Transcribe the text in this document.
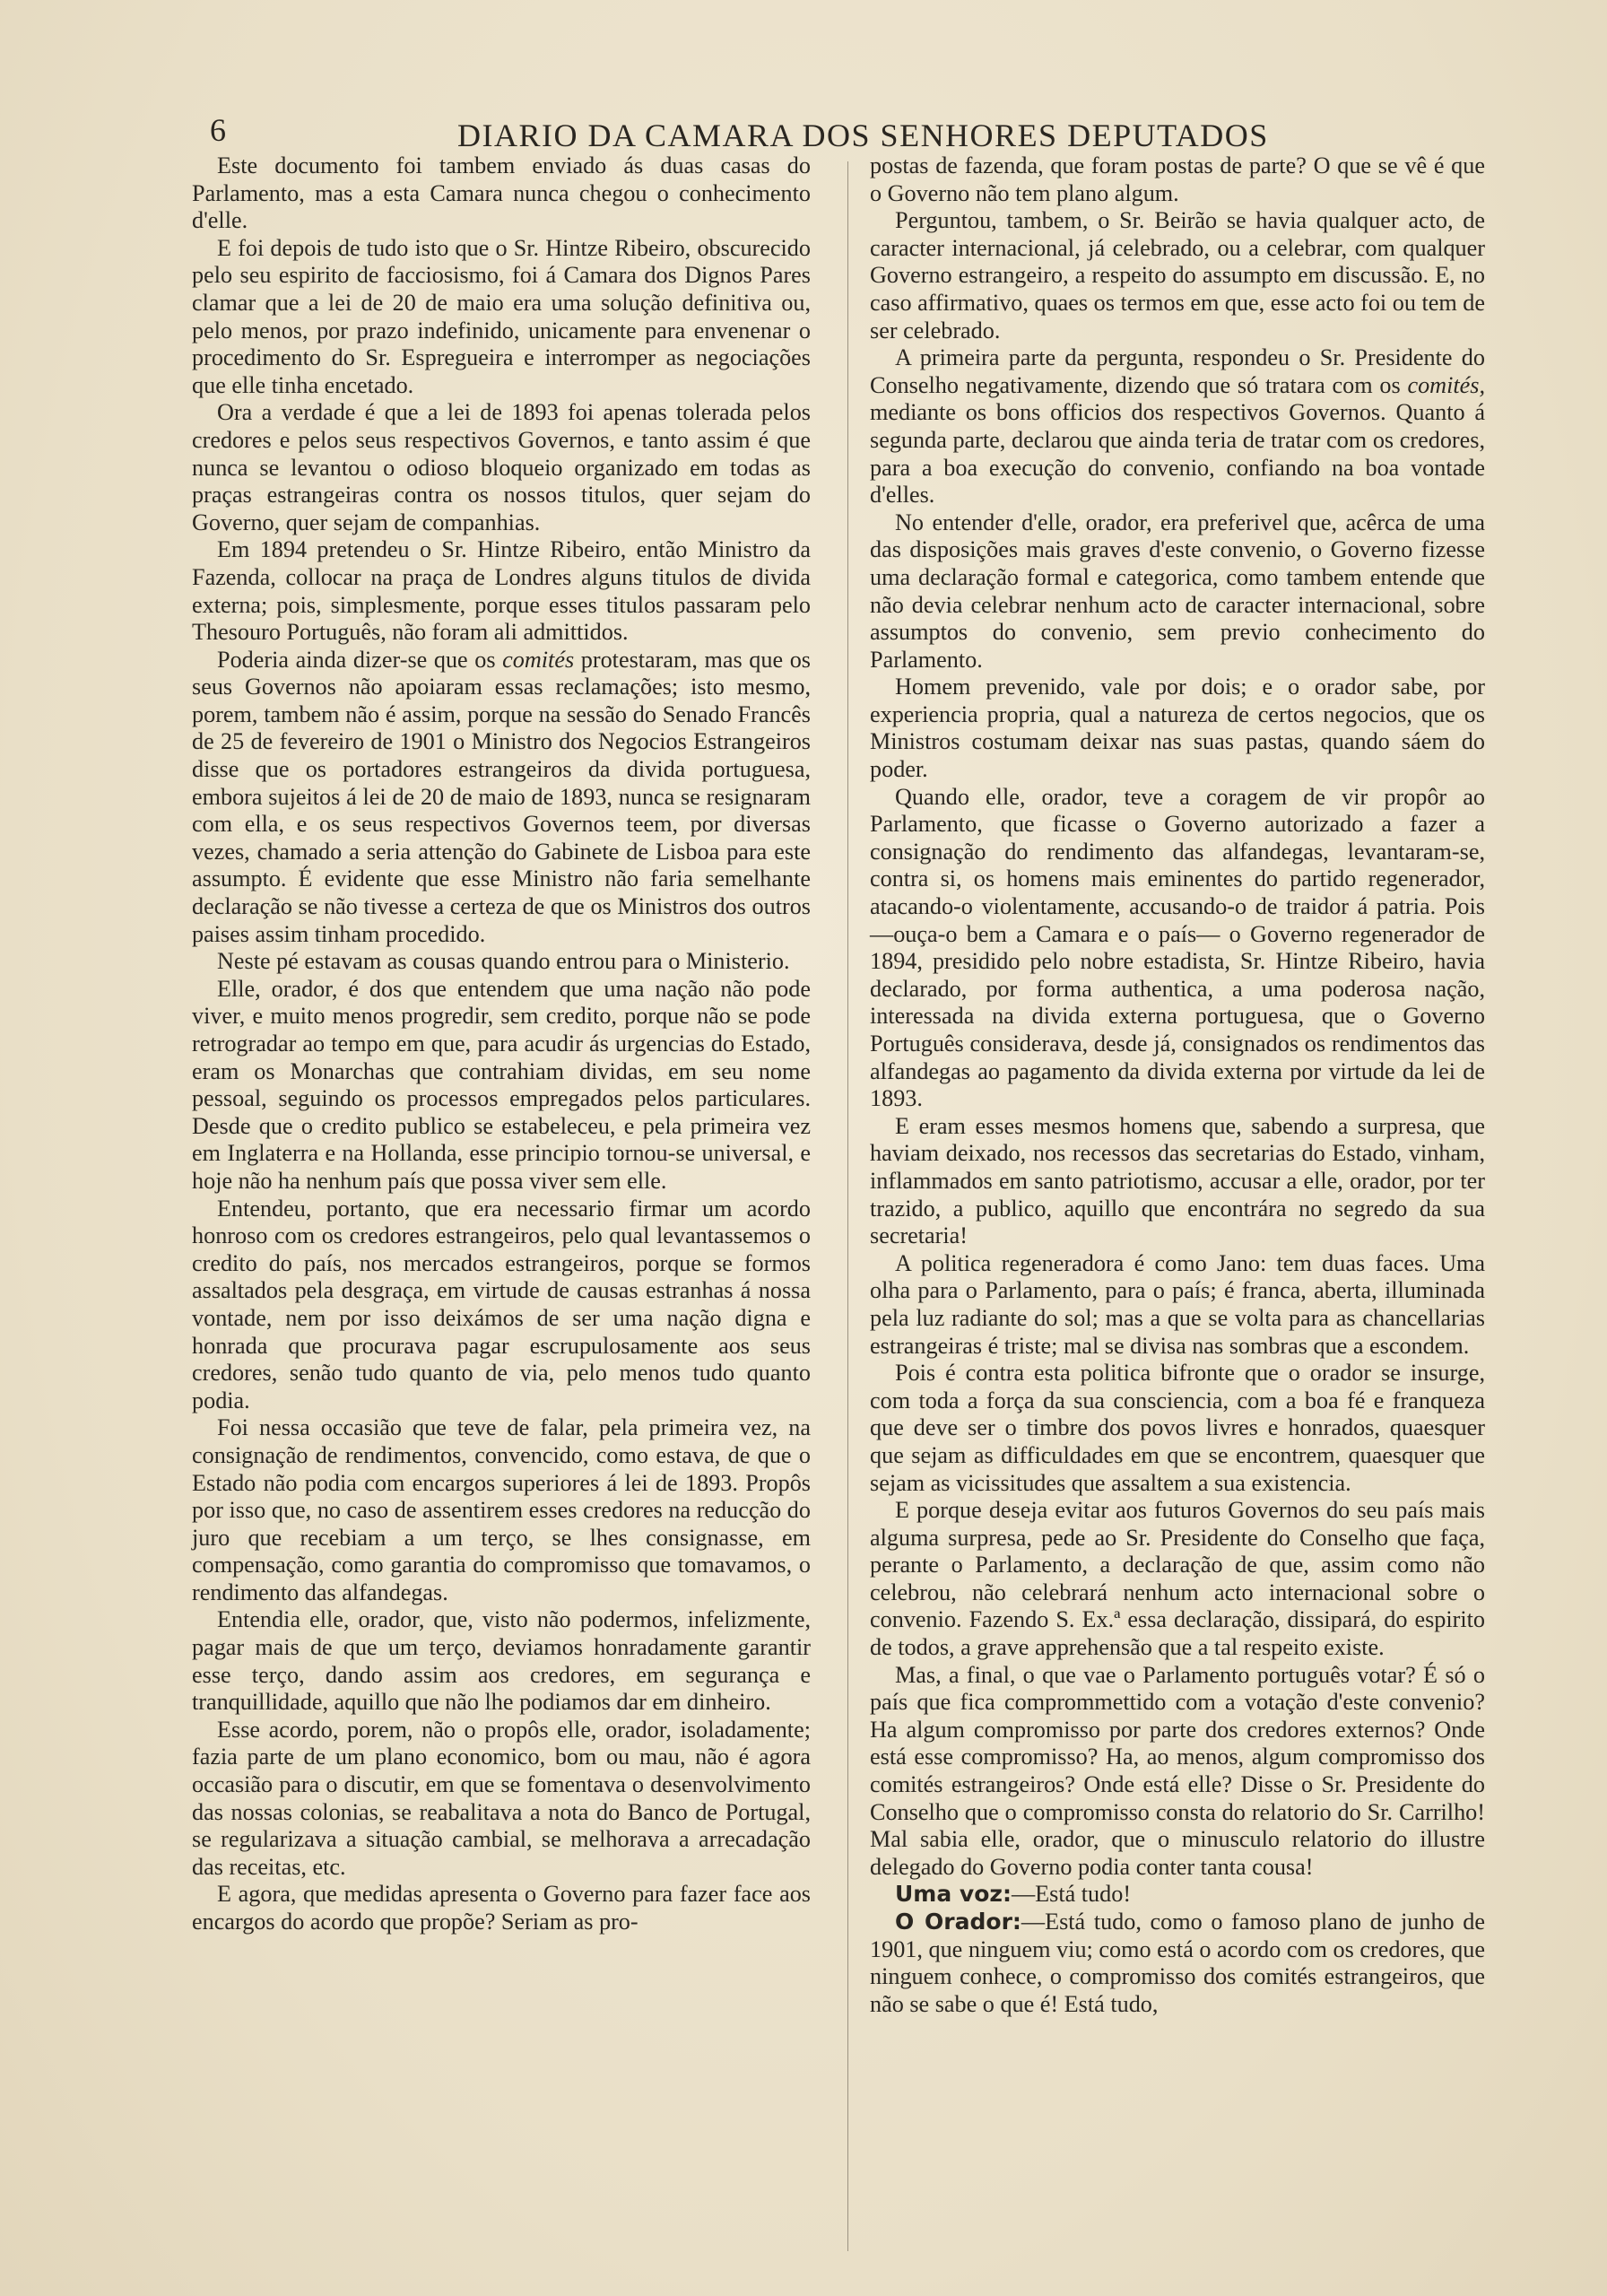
6	DIARIO DA CAMARA DOS SENHORES DEPUTADOS

Este documento foi tambem enviado ás duas casas do Parlamento, mas a esta Camara nunca chegou o conhecimento d'elle.

E foi depois de tudo isto que o Sr. Hintze Ribeiro, obscurecido pelo seu espirito de facciosismo, foi á Camara dos Dignos Pares clamar que a lei de 20 de maio era uma solução definitiva ou, pelo menos, por prazo indefinido, unicamente para envenenar o procedimento do Sr. Espregueira e interromper as negociações que elle tinha encetado.

Ora a verdade é que a lei de 1893 foi apenas tolerada pelos credores e pelos seus respectivos Governos, e tanto assim é que nunca se levantou o odioso bloqueio organizado em todas as praças estrangeiras contra os nossos titulos, quer sejam do Governo, quer sejam de companhias.

Em 1894 pretendeu o Sr. Hintze Ribeiro, então Ministro da Fazenda, collocar na praça de Londres alguns titulos de divida externa; pois, simplesmente, porque esses titulos passaram pelo Thesouro Português, não foram ali admittidos.

Poderia ainda dizer-se que os comités protestaram, mas que os seus Governos não apoiaram essas reclamações; isto mesmo, porem, tambem não é assim, porque na sessão do Senado Francês de 25 de fevereiro de 1901 o Ministro dos Negocios Estrangeiros disse que os portadores estrangeiros da divida portuguesa, embora sujeitos á lei de 20 de maio de 1893, nunca se resignaram com ella, e os seus respectivos Governos teem, por diversas vezes, chamado a seria attenção do Gabinete de Lisboa para este assumpto. É evidente que esse Ministro não faria semelhante declaração se não tivesse a certeza de que os Ministros dos outros paises assim tinham procedido.

Neste pé estavam as cousas quando entrou para o Ministerio.

Elle, orador, é dos que entendem que uma nação não pode viver, e muito menos progredir, sem credito, porque não se pode retrogradar ao tempo em que, para acudir ás urgencias do Estado, eram os Monarchas que contrahiam dividas, em seu nome pessoal, seguindo os processos empregados pelos particulares. Desde que o credito publico se estabeleceu, e pela primeira vez em Inglaterra e na Hollanda, esse principio tornou-se universal, e hoje não ha nenhum país que possa viver sem elle.

Entendeu, portanto, que era necessario firmar um acordo honroso com os credores estrangeiros, pelo qual levantassemos o credito do país, nos mercados estrangeiros, porque se formos assaltados pela desgraça, em virtude de causas estranhas á nossa vontade, nem por isso deixámos de ser uma nação digna e honrada que procurava pagar escrupulosamente aos seus credores, senão tudo quanto de via, pelo menos tudo quanto podia.

Foi nessa occasião que teve de falar, pela primeira vez, na consignação de rendimentos, convencido, como estava, de que o Estado não podia com encargos superiores á lei de 1893. Propôs por isso que, no caso de assentirem esses credores na reducção do juro que recebiam a um terço, se lhes consignasse, em compensação, como garantia do compromisso que tomavamos, o rendimento das alfandegas.

Entendia elle, orador, que, visto não podermos, infelizmente, pagar mais de que um terço, deviamos honradamente garantir esse terço, dando assim aos credores, em segurança e tranquillidade, aquillo que não lhe podiamos dar em dinheiro.

Esse acordo, porem, não o propôs elle, orador, isoladamente; fazia parte de um plano economico, bom ou mau, não é agora occasião para o discutir, em que se fomentava o desenvolvimento das nossas colonias, se reabalitava a nota do Banco de Portugal, se regularizava a situação cambial, se melhorava a arrecadação das receitas, etc.

E agora, que medidas apresenta o Governo para fazer face aos encargos do acordo que propõe? Seriam as pro-

postas de fazenda, que foram postas de parte? O que se vê é que o Governo não tem plano algum.

Perguntou, tambem, o Sr. Beirão se havia qualquer acto, de caracter internacional, já celebrado, ou a celebrar, com qualquer Governo estrangeiro, a respeito do assumpto em discussão. E, no caso affirmativo, quaes os termos em que, esse acto foi ou tem de ser celebrado.

A primeira parte da pergunta, respondeu o Sr. Presidente do Conselho negativamente, dizendo que só tratara com os comités, mediante os bons officios dos respectivos Governos. Quanto á segunda parte, declarou que ainda teria de tratar com os credores, para a boa execução do convenio, confiando na boa vontade d'elles.

No entender d'elle, orador, era preferivel que, acêrca de uma das disposições mais graves d'este convenio, o Governo fizesse uma declaração formal e categorica, como tambem entende que não devia celebrar nenhum acto de caracter internacional, sobre assumptos do convenio, sem previo conhecimento do Parlamento.

Homem prevenido, vale por dois; e o orador sabe, por experiencia propria, qual a natureza de certos negocios, que os Ministros costumam deixar nas suas pastas, quando sáem do poder.

Quando elle, orador, teve a coragem de vir propôr ao Parlamento, que ficasse o Governo autorizado a fazer a consignação do rendimento das alfandegas, levantaram-se, contra si, os homens mais eminentes do partido regenerador, atacando-o violentamente, accusando-o de traidor á patria. Pois —ouça-o bem a Camara e o país— o Governo regenerador de 1894, presidido pelo nobre estadista, Sr. Hintze Ribeiro, havia declarado, por forma authentica, a uma poderosa nação, interessada na divida externa portuguesa, que o Governo Português considerava, desde já, consignados os rendimentos das alfandegas ao pagamento da divida externa por virtude da lei de 1893.

E eram esses mesmos homens que, sabendo a surpresa, que haviam deixado, nos recessos das secretarias do Estado, vinham, inflammados em santo patriotismo, accusar a elle, orador, por ter trazido, a publico, aquillo que encontrára no segredo da sua secretaria!

A politica regeneradora é como Jano: tem duas faces. Uma olha para o Parlamento, para o país; é franca, aberta, illuminada pela luz radiante do sol; mas a que se volta para as chancellarias estrangeiras é triste; mal se divisa nas sombras que a escondem.

Pois é contra esta politica bifronte que o orador se insurge, com toda a força da sua consciencia, com a boa fé e franqueza que deve ser o timbre dos povos livres e honrados, quaesquer que sejam as difficuldades em que se encontrem, quaesquer que sejam as vicissitudes que assaltem a sua existencia.

E porque deseja evitar aos futuros Governos do seu país mais alguma surpresa, pede ao Sr. Presidente do Conselho que faça, perante o Parlamento, a declaração de que, assim como não celebrou, não celebrará nenhum acto internacional sobre o convenio. Fazendo S. Ex.ª essa declaração, dissipará, do espirito de todos, a grave apprehensão que a tal respeito existe.

Mas, a final, o que vae o Parlamento português votar? É só o país que fica comprommettido com a votação d'este convenio? Ha algum compromisso por parte dos credores externos? Onde está esse compromisso? Ha, ao menos, algum compromisso dos comités estrangeiros? Onde está elle? Disse o Sr. Presidente do Conselho que o compromisso consta do relatorio do Sr. Carrilho! Mal sabia elle, orador, que o minusculo relatorio do illustre delegado do Governo podia conter tanta cousa!

Uma voz:—Está tudo!

O Orador:—Está tudo, como o famoso plano de junho de 1901, que ninguem viu; como está o acordo com os credores, que ninguem conhece, o compromisso dos comités estrangeiros, que não se sabe o que é! Está tudo,
